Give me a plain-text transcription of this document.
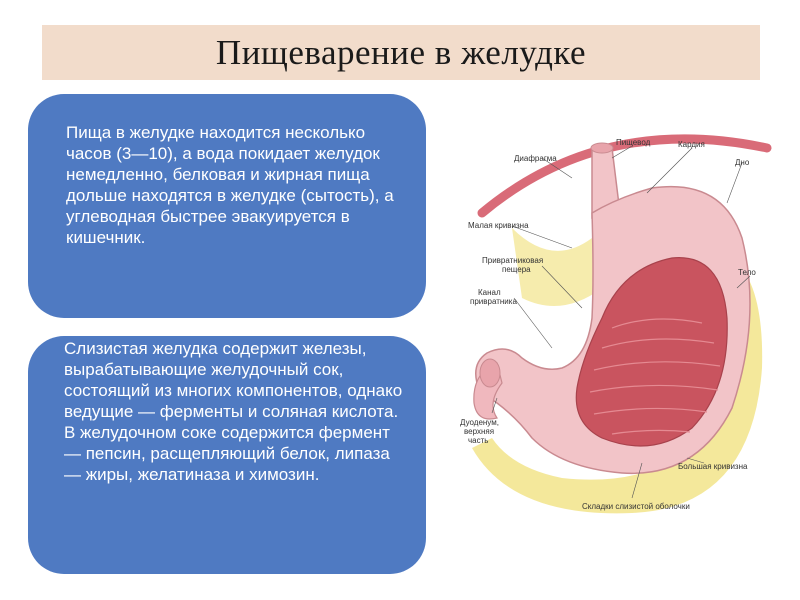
Пищеварение в желудке

Пища в желудке находится несколько часов (3—10), а вода покидает желудок немедленно, белковая и жирная пища дольше находятся в желудке (сытость), а углеводная быстрее эвакуируется в кишечник.

Слизистая желудка содержит железы, вырабатывающие желудочный сок, состоящий из многих компонентов, однако ведущие — ферменты и соляная кислота. В желудочном соке содержится фермент — пепсин, расщепляющий белок, липаза — жиры, желатиназа и химозин.

Диафрагма
Пищевод	Кардия
Дно
Малая кривизна
Привратниковая
пещера
Канал
привратника
Тело
Дуоденум,
верхняя
часть
Большая кривизна
Складки слизистой оболочки
